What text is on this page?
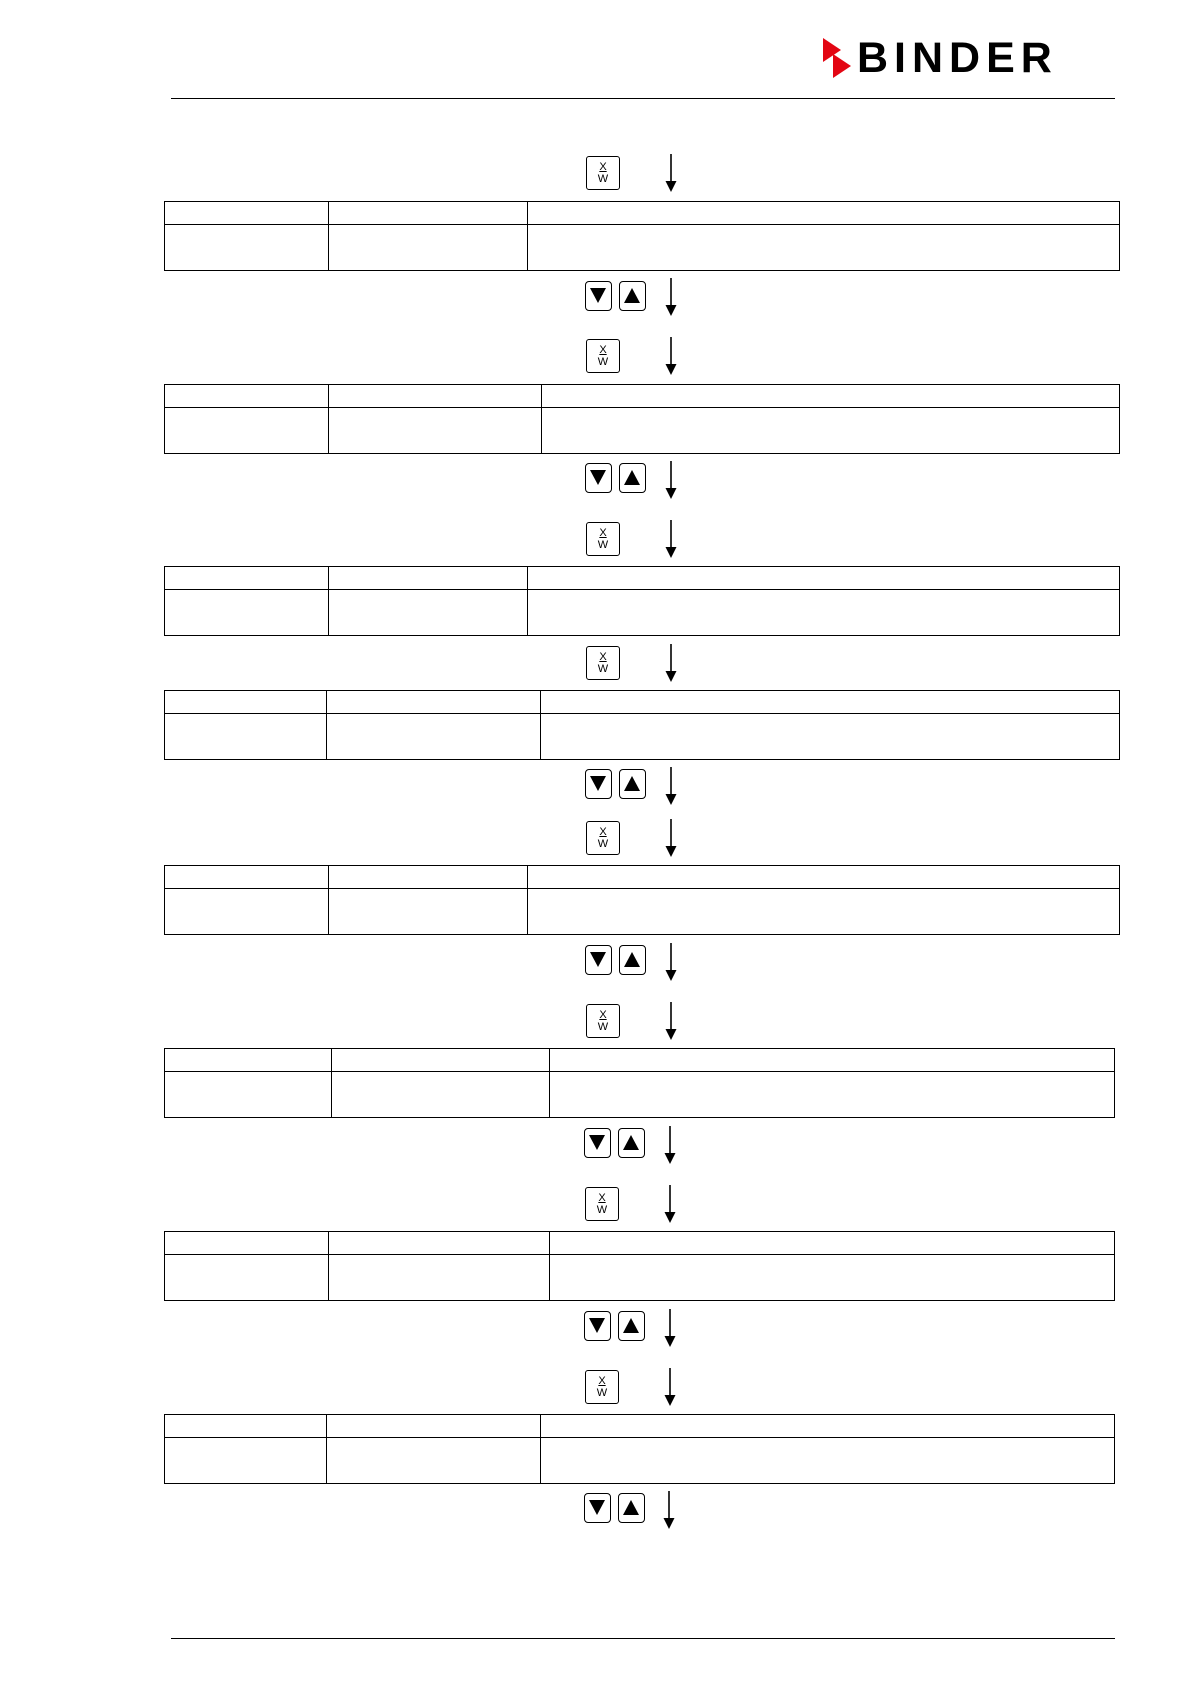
BINDER
X
W

X
W

X
W

X
W

X
W

X
W

X
W

X
W
